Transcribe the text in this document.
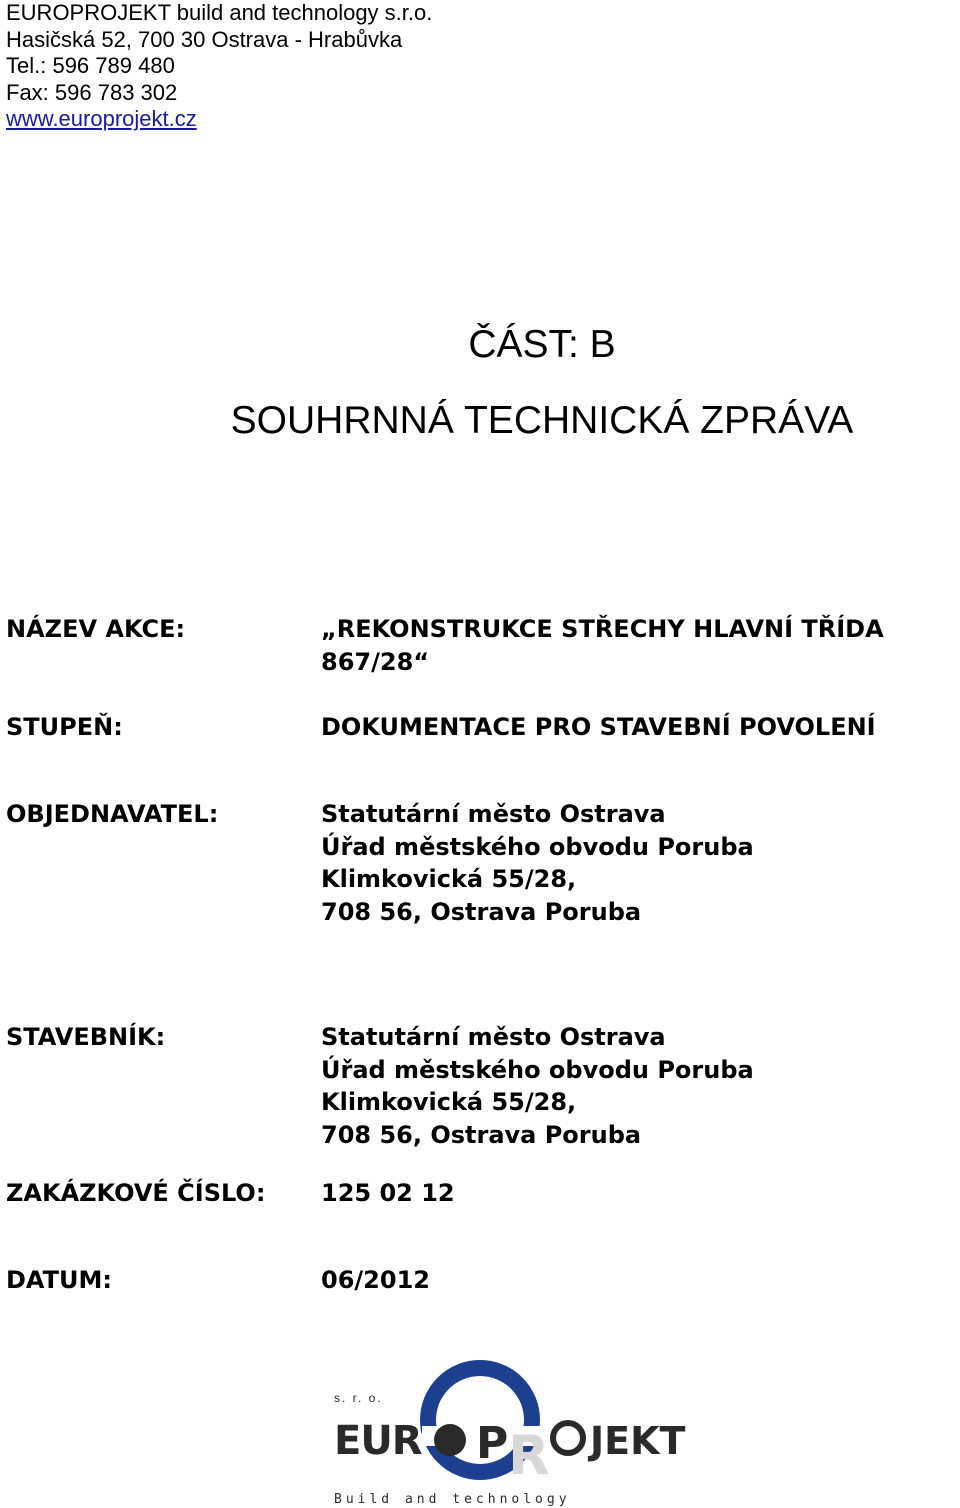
EUROPROJEKT build and technology s.r.o.
Hasičská 52, 700 30 Ostrava - Hrabůvka
Tel.: 596 789 480
Fax: 596 783 302
www.europrojekt.cz
ČÁST: B
SOUHRNNÁ TECHNICKÁ ZPRÁVA
NÁZEV AKCE:	„REKONSTRUKCE STŘECHY HLAVNÍ TŘÍDA
867/28“
STUPEŇ:	DOKUMENTACE PRO STAVEBNÍ POVOLENÍ
OBJEDNAVATEL:	Statutární město Ostrava
Úřad městského obvodu Poruba
Klimkovická 55/28,
708 56, Ostrava Poruba
STAVEBNÍK:	Statutární město Ostrava
Úřad městského obvodu Poruba
Klimkovická 55/28,
708 56, Ostrava Poruba
ZAKÁZKOVÉ ČÍSLO: 125 02 12
DATUM:	06/2012
s. r. o.
EUR P R JEKT
Build and technology
